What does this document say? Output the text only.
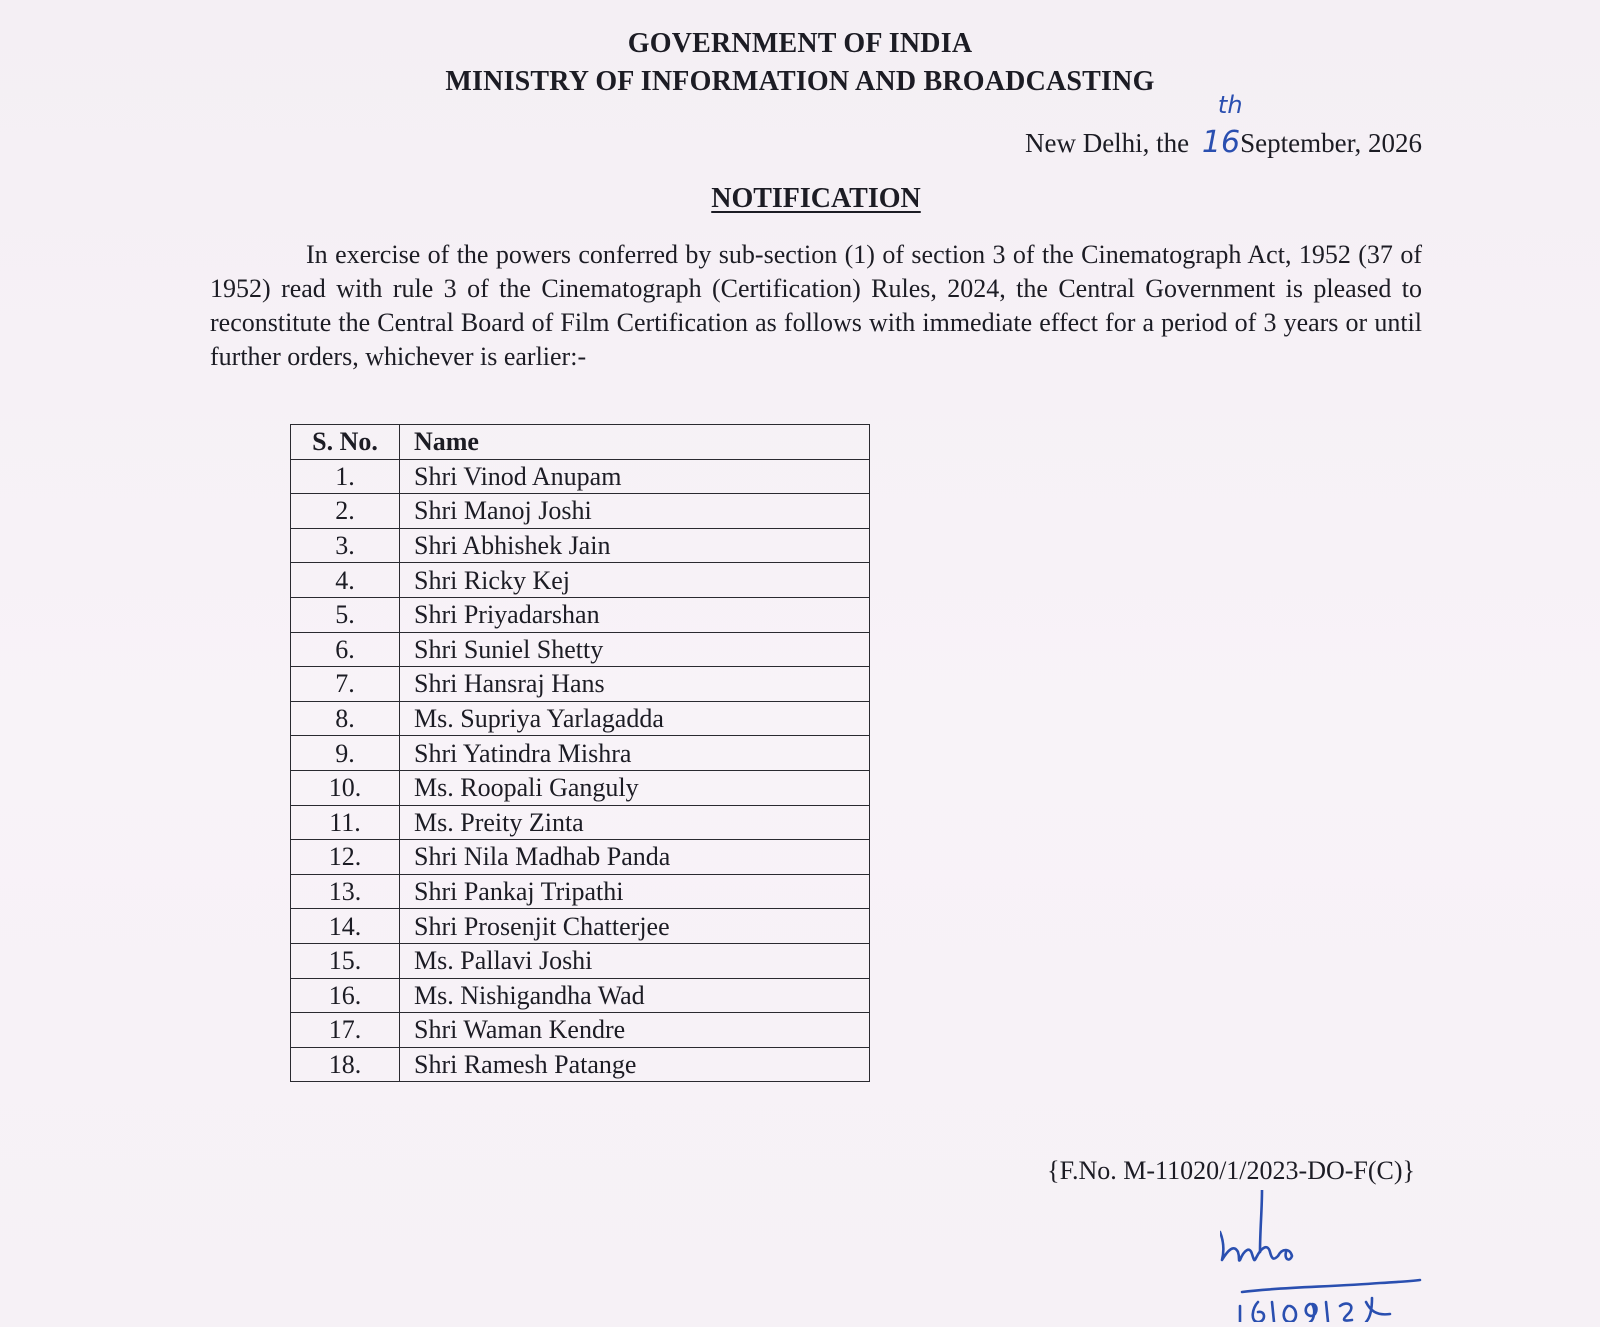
GOVERNMENT OF INDIA
MINISTRY OF INFORMATION AND BROADCASTING
New Delhi, the 16
th
September, 2026
NOTIFICATION
In exercise of the powers conferred by sub-section (1) of section 3 of the Cinematograph Act, 1952 (37 of 1952) read with rule 3 of the Cinematograph (Certification) Rules, 2024, the Central Government is pleased to reconstitute the Central Board of Film Certification as follows with immediate effect for a period of 3 years or until further orders, whichever is earlier:-
S. No.	Name
1.	Shri Vinod Anupam
2.	Shri Manoj Joshi
3.	Shri Abhishek Jain
4.	Shri Ricky Kej
5.	Shri Priyadarshan
6.	Shri Suniel Shetty
7.	Shri Hansraj Hans
8.	Ms. Supriya Yarlagadda
9.	Shri Yatindra Mishra
10.	Ms. Roopali Ganguly
11.	Ms. Preity Zinta
12.	Shri Nila Madhab Panda
13.	Shri Pankaj Tripathi
14.	Shri Prosenjit Chatterjee
15.	Ms. Pallavi Joshi
16.	Ms. Nishigandha Wad
17.	Shri Waman Kendre
18.	Shri Ramesh Patange
{F.No. M-11020/1/2023-DO-F(C)}
